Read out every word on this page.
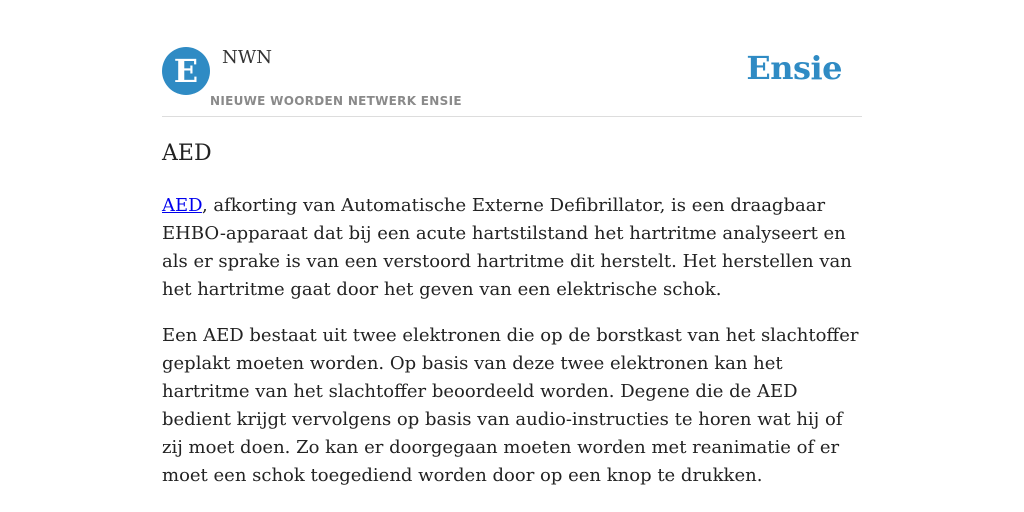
E	NWN
NIEUWE WOORDEN NETWERK ENSIE
Ensie
AED

AED, afkorting van Automatische Externe Defibrillator, is een draagbaar EHBO-apparaat dat bij een acute hartstilstand het hartritme analyseert en als er sprake is van een verstoord hartritme dit herstelt. Het herstellen van het hartritme gaat door het geven van een elektrische schok.

Een AED bestaat uit twee elektronen die op de borstkast van het slachtoffer geplakt moeten worden. Op basis van deze twee elektronen kan het hartritme van het slachtoffer beoordeeld worden. Degene die de AED bedient krijgt vervolgens op basis van audio-instructies te horen wat hij of zij moet doen. Zo kan er doorgegaan moeten worden met reanimatie of er moet een schok toegediend worden door op een knop te drukken.
